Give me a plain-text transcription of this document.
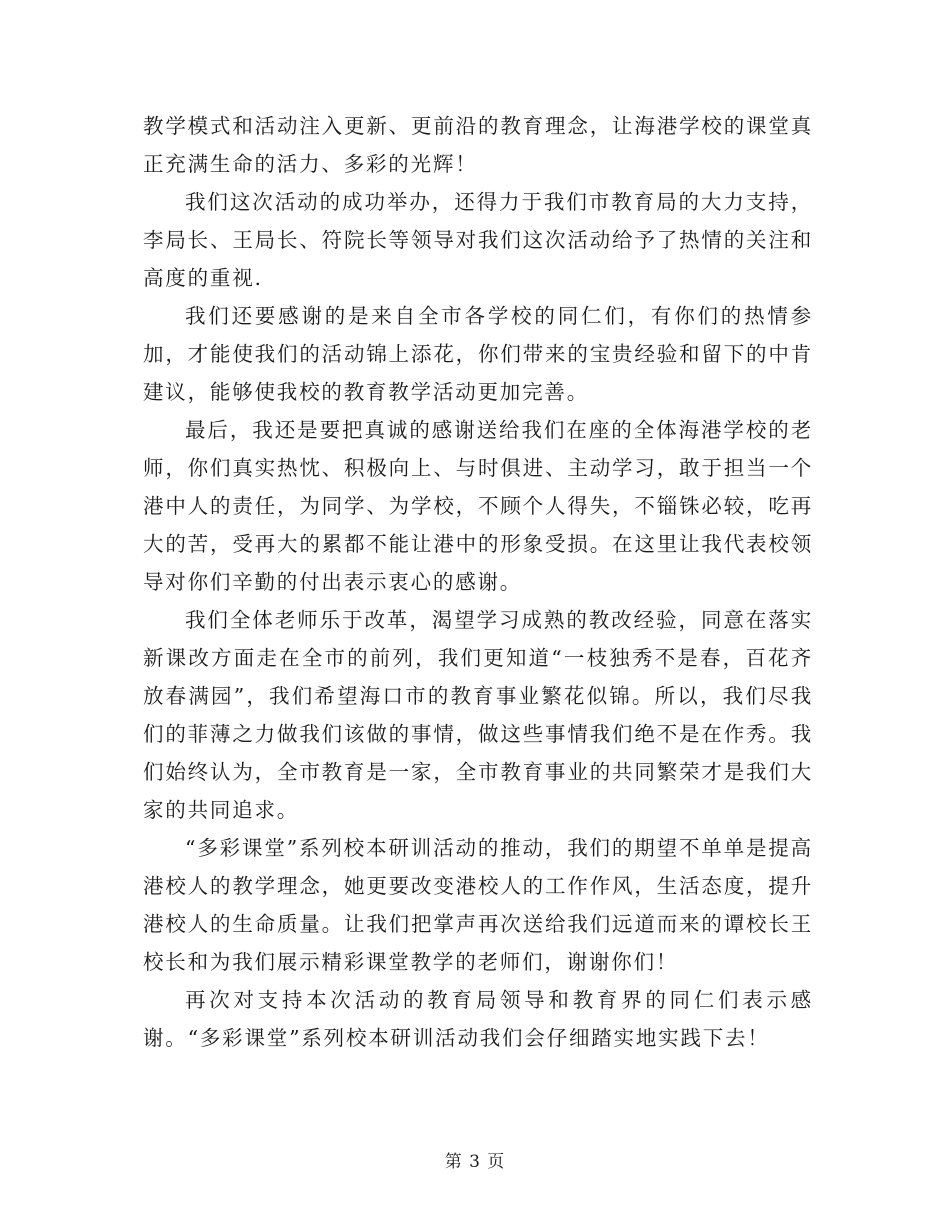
教学模式和活动注入更新、更前沿的教育理念，让海港学校的课堂真正充满生命的活力、多彩的光辉！

我们这次活动的成功举办，还得力于我们市教育局的大力支持，李局长、王局长、符院长等领导对我们这次活动给予了热情的关注和高度的重视.

我们还要感谢的是来自全市各学校的同仁们，有你们的热情参加，才能使我们的活动锦上添花，你们带来的宝贵经验和留下的中肯建议，能够使我校的教育教学活动更加完善。

最后，我还是要把真诚的感谢送给我们在座的全体海港学校的老师，你们真实热忱、积极向上、与时俱进、主动学习，敢于担当一个港中人的责任，为同学、为学校，不顾个人得失，不锱铢必较，吃再大的苦，受再大的累都不能让港中的形象受损。在这里让我代表校领导对你们辛勤的付出表示衷心的感谢。

我们全体老师乐于改革，渴望学习成熟的教改经验，同意在落实新课改方面走在全市的前列，我们更知道“一枝独秀不是春，百花齐放春满园”，我们希望海口市的教育事业繁花似锦。所以，我们尽我们的菲薄之力做我们该做的事情，做这些事情我们绝不是在作秀。我们始终认为，全市教育是一家，全市教育事业的共同繁荣才是我们大家的共同追求。

“多彩课堂”系列校本研训活动的推动，我们的期望不单单是提高港校人的教学理念，她更要改变港校人的工作作风，生活态度，提升港校人的生命质量。让我们把掌声再次送给我们远道而来的谭校长王校长和为我们展示精彩课堂教学的老师们，谢谢你们！

再次对支持本次活动的教育局领导和教育界的同仁们表示感谢。“多彩课堂”系列校本研训活动我们会仔细踏实地实践下去！

第 3 页
